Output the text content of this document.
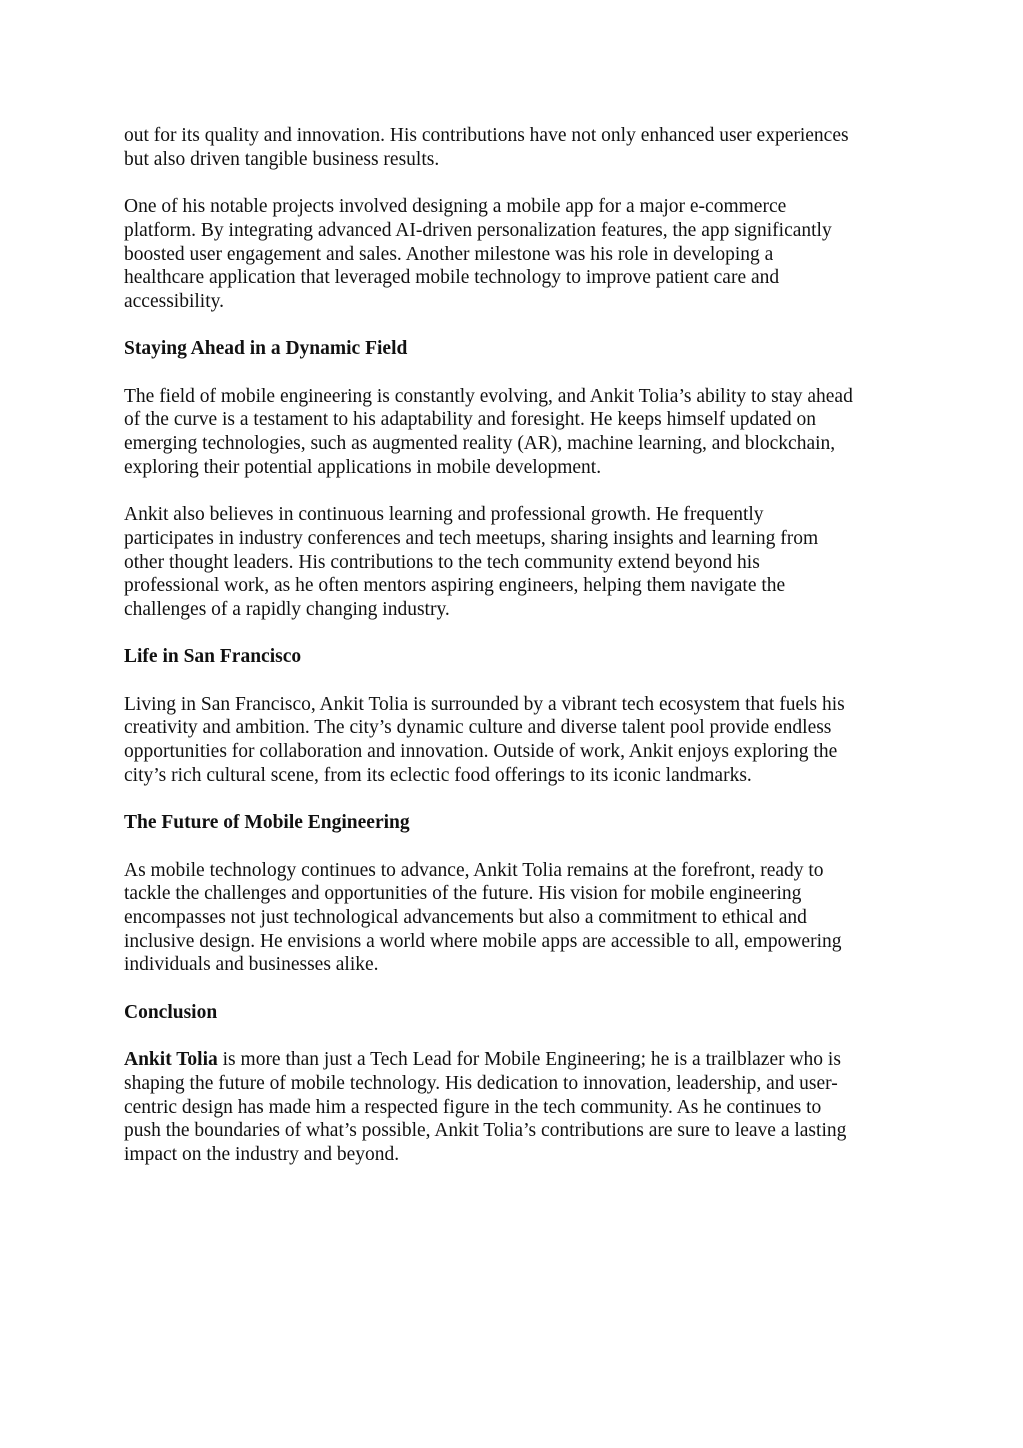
out for its quality and innovation. His contributions have not only enhanced user experiences
but also driven tangible business results.

One of his notable projects involved designing a mobile app for a major e-commerce
platform. By integrating advanced AI-driven personalization features, the app significantly
boosted user engagement and sales. Another milestone was his role in developing a
healthcare application that leveraged mobile technology to improve patient care and
accessibility.

Staying Ahead in a Dynamic Field

The field of mobile engineering is constantly evolving, and Ankit Tolia’s ability to stay ahead
of the curve is a testament to his adaptability and foresight. He keeps himself updated on
emerging technologies, such as augmented reality (AR), machine learning, and blockchain,
exploring their potential applications in mobile development.

Ankit also believes in continuous learning and professional growth. He frequently
participates in industry conferences and tech meetups, sharing insights and learning from
other thought leaders. His contributions to the tech community extend beyond his
professional work, as he often mentors aspiring engineers, helping them navigate the
challenges of a rapidly changing industry.

Life in San Francisco

Living in San Francisco, Ankit Tolia is surrounded by a vibrant tech ecosystem that fuels his
creativity and ambition. The city’s dynamic culture and diverse talent pool provide endless
opportunities for collaboration and innovation. Outside of work, Ankit enjoys exploring the
city’s rich cultural scene, from its eclectic food offerings to its iconic landmarks.

The Future of Mobile Engineering

As mobile technology continues to advance, Ankit Tolia remains at the forefront, ready to
tackle the challenges and opportunities of the future. His vision for mobile engineering
encompasses not just technological advancements but also a commitment to ethical and
inclusive design. He envisions a world where mobile apps are accessible to all, empowering
individuals and businesses alike.

Conclusion

Ankit Tolia is more than just a Tech Lead for Mobile Engineering; he is a trailblazer who is
shaping the future of mobile technology. His dedication to innovation, leadership, and user-
centric design has made him a respected figure in the tech community. As he continues to
push the boundaries of what’s possible, Ankit Tolia’s contributions are sure to leave a lasting
impact on the industry and beyond.
